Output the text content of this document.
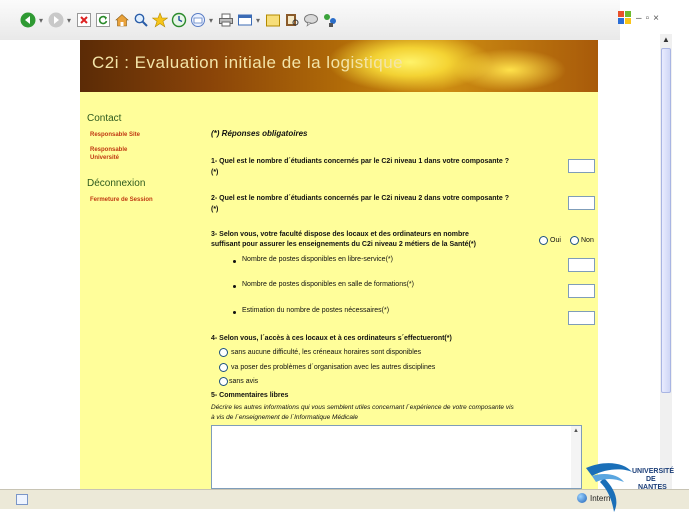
▾	▾	▾	▾	– ▫ ×
▲
C2i : Evaluation initiale de la logistique
Contact
Responsable Site
Responsable Université
Déconnexion
Fermeture de Session
(*) Réponses obligatoires
1- Quel est le nombre d´étudiants concernés par le C2i niveau 1 dans votre composante ?
(*)
2- Quel est le nombre d´étudiants concernés par le C2i niveau 2 dans votre composante ?
(*)
3- Selon vous, votre faculté dispose des locaux et des ordinateurs en nombre
suffisant pour assurer les enseignements du C2i niveau 2 métiers de la Santé(*)
Oui	Non
Nombre de postes disponibles en libre-service(*)
Nombre de postes disponibles en salle de formations(*)
Estimation du nombre de postes nécessaires(*)
4- Selon vous, l´accès à ces locaux et à ces ordinateurs s´effectueront(*)
sans aucune difficulté, les créneaux horaires sont disponibles
va poser des problèmes d´organisation avec les autres disciplines
sans avis
5- Commentaires libres
Décrire les autres informations qui vous semblent utiles concernant l´expérience de votre composante vis
à vis de l´enseignement de l´Informatique Médicale
▲
Intern
UNIVERSITÉ
DE
NANTES
